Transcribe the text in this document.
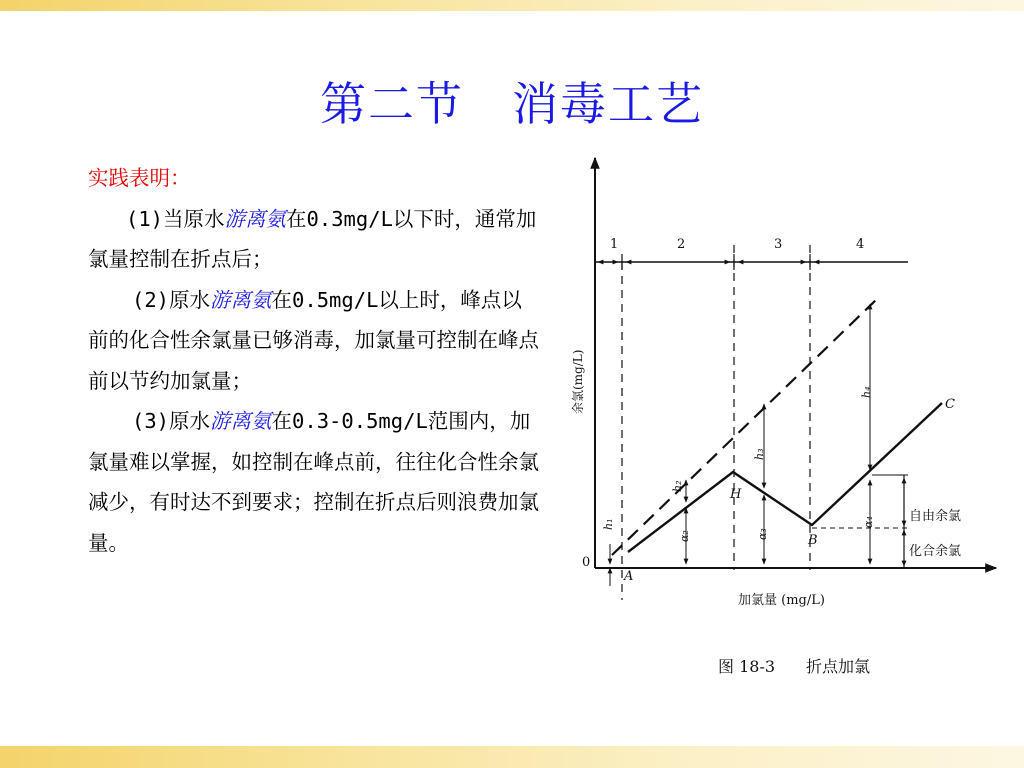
第二节　消毒工艺

实践表明：

(1)当原水游离氨在0.3mg/L以下时，通常加氯量控制在折点后；

(2)原水游离氨在0.5mg/L以上时，峰点以前的化合性余氯量已够消毒，加氯量可控制在峰点前以节约加氯量；

(3)原水游离氨在0.3-0.5mg/L范围内，加氯量难以掌握，如控制在峰点前，往往化合性余氯减少，有时达不到要求；控制在折点后则浪费加氯量。

0
1	2	3	4
A
H
B
C
h₁
h₂
h₃
h₄
α₂	α₃
α₄	自由余氯
化合余氯
余氯(mg/L)
加氯量 (mg/L)
图 18-3 折点加氯
